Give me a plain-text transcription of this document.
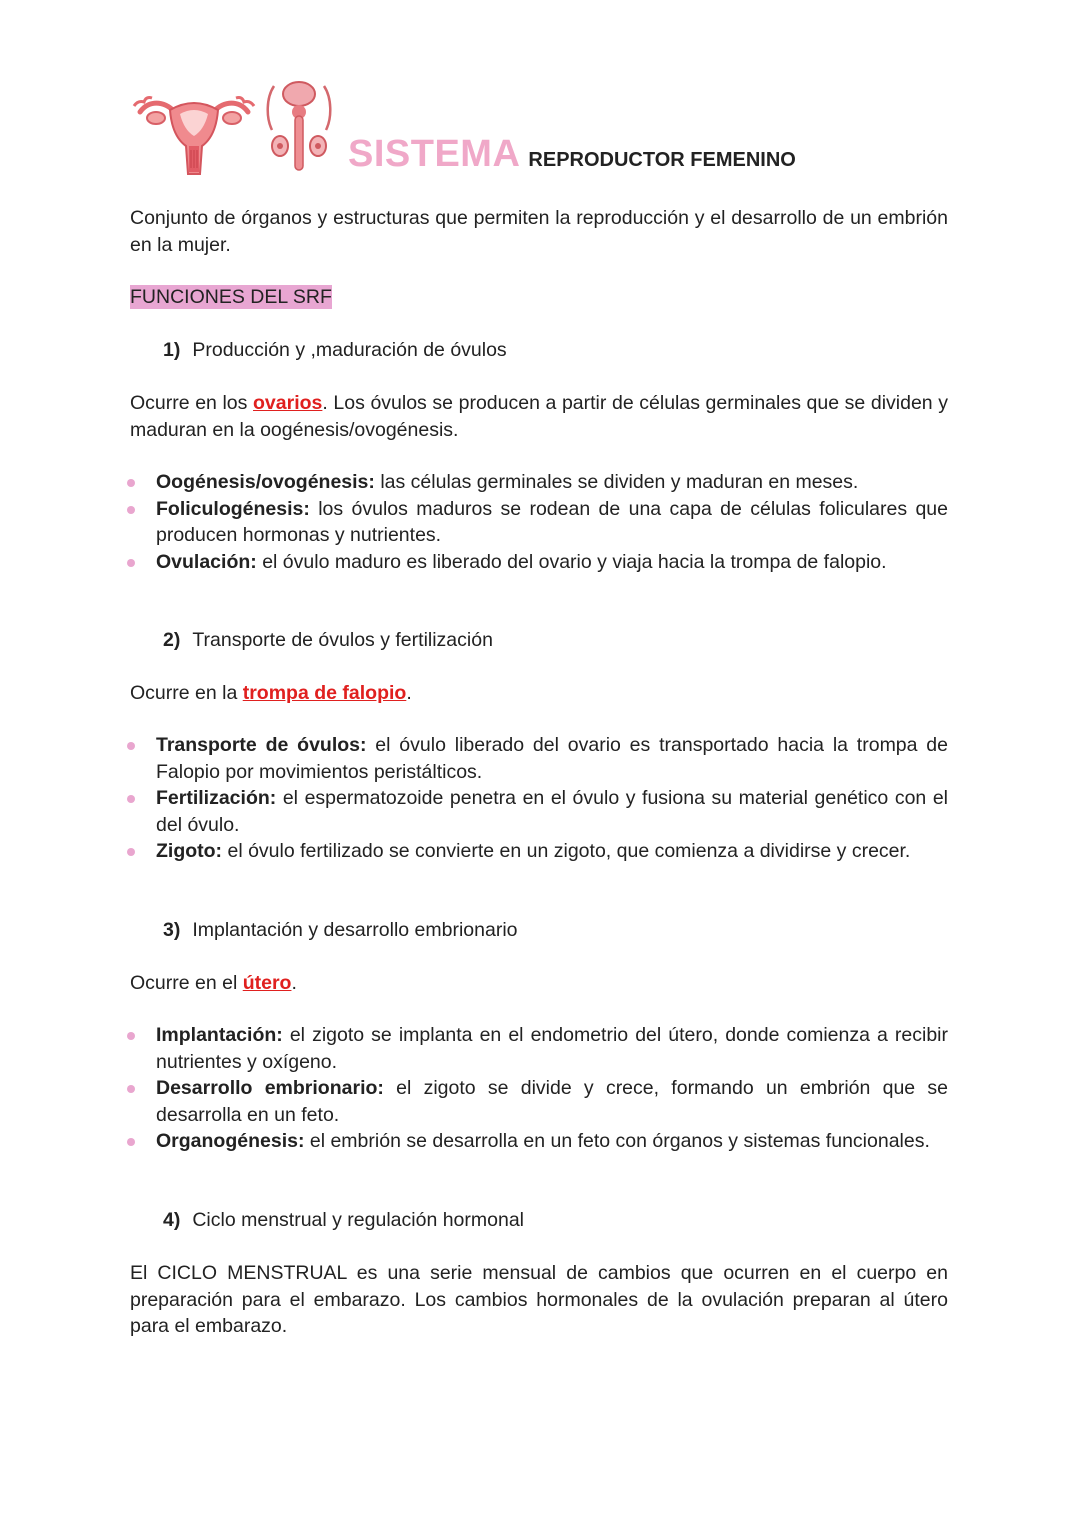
SISTEMA REPRODUCTOR FEMENINO
Conjunto de órganos y estructuras que permiten la reproducción y el desarrollo de un embrión en la mujer.
FUNCIONES DEL SRF
1) Producción y ,maduración de óvulos
Ocurre en los ovarios. Los óvulos se producen a partir de células germinales que se dividen y maduran en la oogénesis/ovogénesis.
Oogénesis/ovogénesis: las células germinales se dividen y maduran en meses.
Foliculogénesis: los óvulos maduros se rodean de una capa de células foliculares que producen hormonas y nutrientes.
Ovulación: el óvulo maduro es liberado del ovario y viaja hacia la trompa de falopio.
2) Transporte de óvulos y fertilización
Ocurre en la trompa de falopio.
Transporte de óvulos: el óvulo liberado del ovario es transportado hacia la trompa de Falopio por movimientos peristálticos.
Fertilización: el espermatozoide penetra en el óvulo y fusiona su material genético con el del óvulo.
Zigoto: el óvulo fertilizado se convierte en un zigoto, que comienza a dividirse y crecer.
3) Implantación y desarrollo embrionario
Ocurre en el útero.
Implantación: el zigoto se implanta en el endometrio del útero, donde comienza a recibir nutrientes y oxígeno.
Desarrollo embrionario: el zigoto se divide y crece, formando un embrión que se desarrolla en un feto.
Organogénesis: el embrión se desarrolla en un feto con órganos y sistemas funcionales.
4) Ciclo menstrual y regulación hormonal
El CICLO MENSTRUAL es una serie mensual de cambios que ocurren en el cuerpo en preparación para el embarazo. Los cambios hormonales de la ovulación preparan al útero para el embarazo.
